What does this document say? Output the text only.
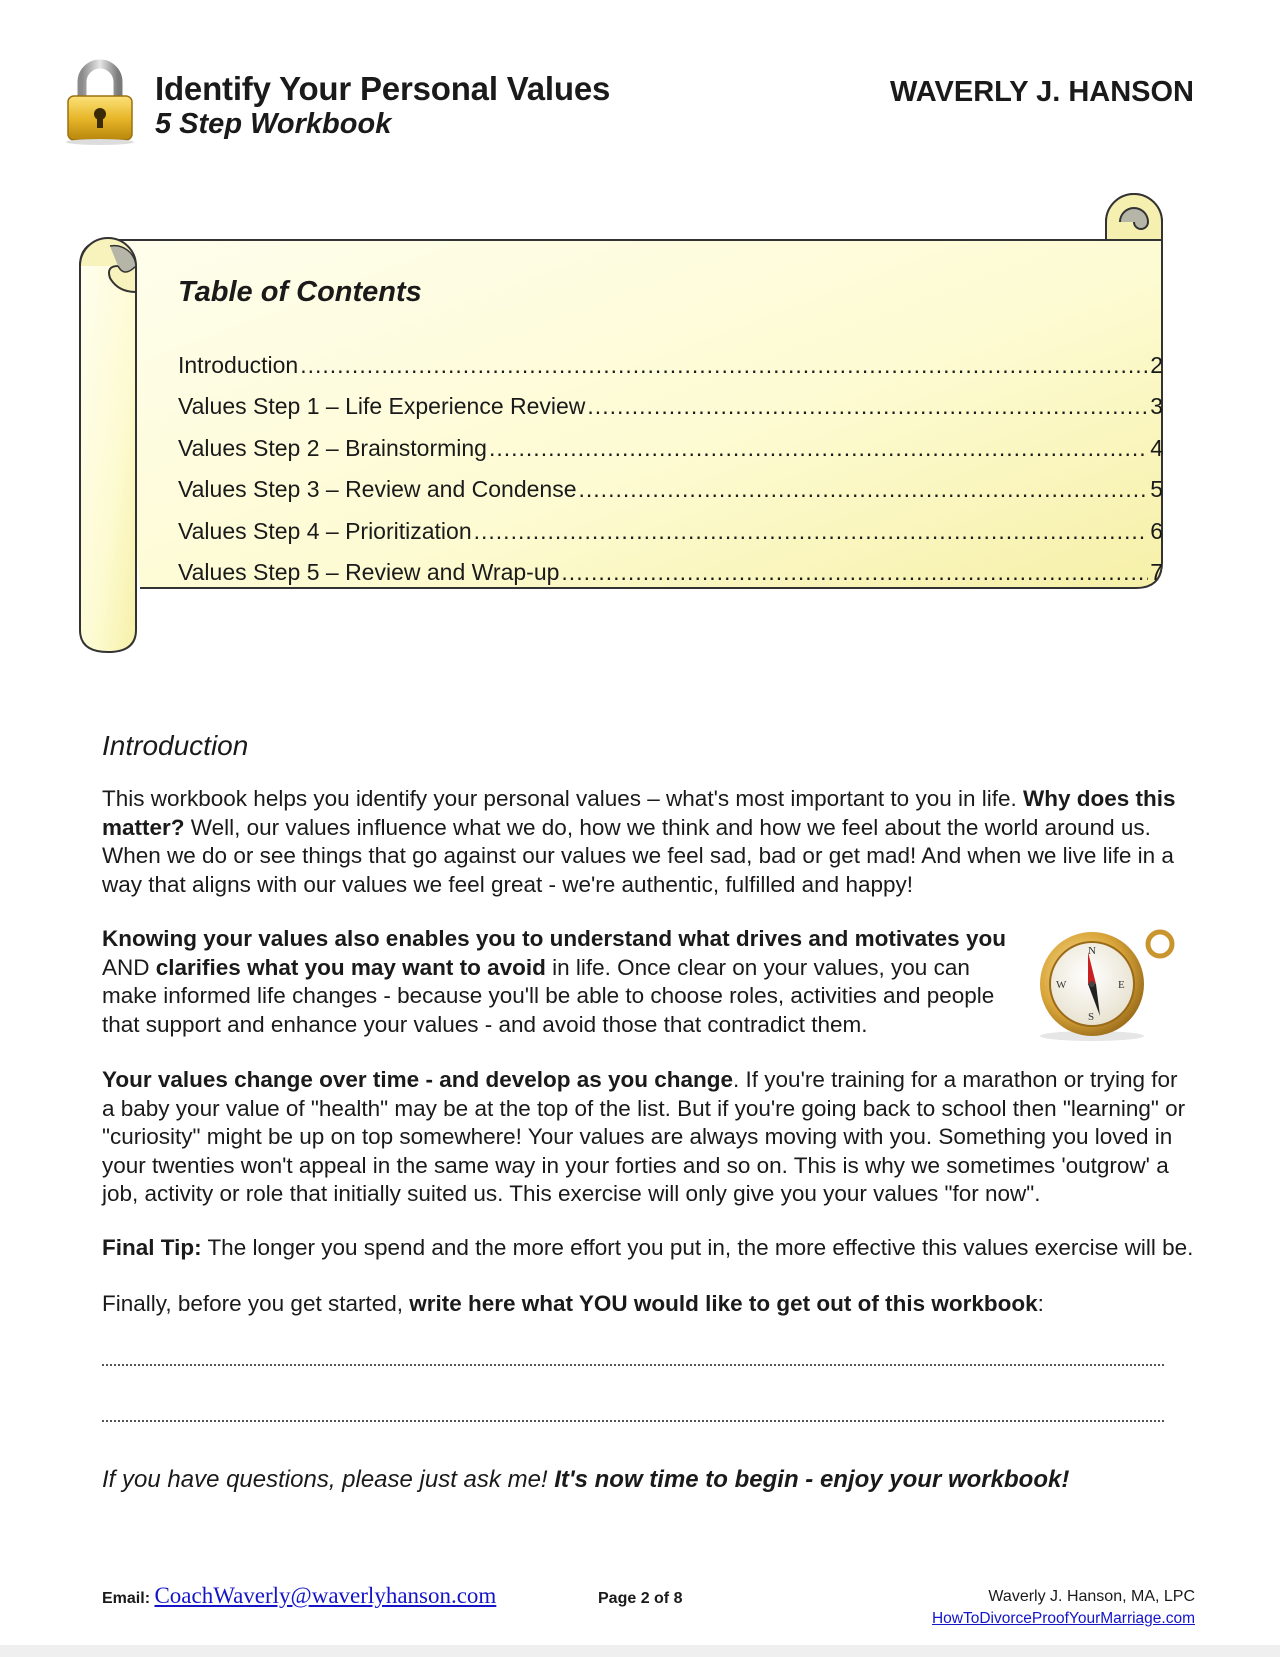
Identify Your Personal Values
5 Step Workbook
WAVERLY J. HANSON
Table of Contents
Introduction .....	2
Values Step 1 – Life Experience Review .....	3
Values Step 2 – Brainstorming .....	4
Values Step 3 – Review and Condense .....	5
Values Step 4 – Prioritization .....	6
Values Step 5 – Review and Wrap-up .....	7
Introduction

This workbook helps you identify your personal values – what's most important to you in life. Why does this matter? Well, our values influence what we do, how we think and how we feel about the world around us. When we do or see things that go against our values we feel sad, bad or get mad! And when we live life in a way that aligns with our values we feel great - we're authentic, fulfilled and happy!

Knowing your values also enables you to understand what drives and motivates you AND clarifies what you may want to avoid in life. Once clear on your values, you can make informed life changes - because you'll be able to choose roles, activities and people that support and enhance your values - and avoid those that contradict them.

N
E
S
W

Your values change over time - and develop as you change. If you're training for a marathon or trying for a baby your value of "health" may be at the top of the list. But if you're going back to school then "learning" or "curiosity" might be up on top somewhere! Your values are always moving with you. Something you loved in your twenties won't appeal in the same way in your forties and so on. This is why we sometimes 'outgrow' a job, activity or role that initially suited us. This exercise will only give you your values "for now".

Final Tip: The longer you spend and the more effort you put in, the more effective this values exercise will be.

Finally, before you get started, write here what YOU would like to get out of this workbook:

If you have questions, please just ask me! It's now time to begin - enjoy your workbook!
Email: CoachWaverly@waverlyhanson.com	Page 2 of 8	Waverly J. Hanson, MA, LPC
HowToDivorceProofYourMarriage.com
